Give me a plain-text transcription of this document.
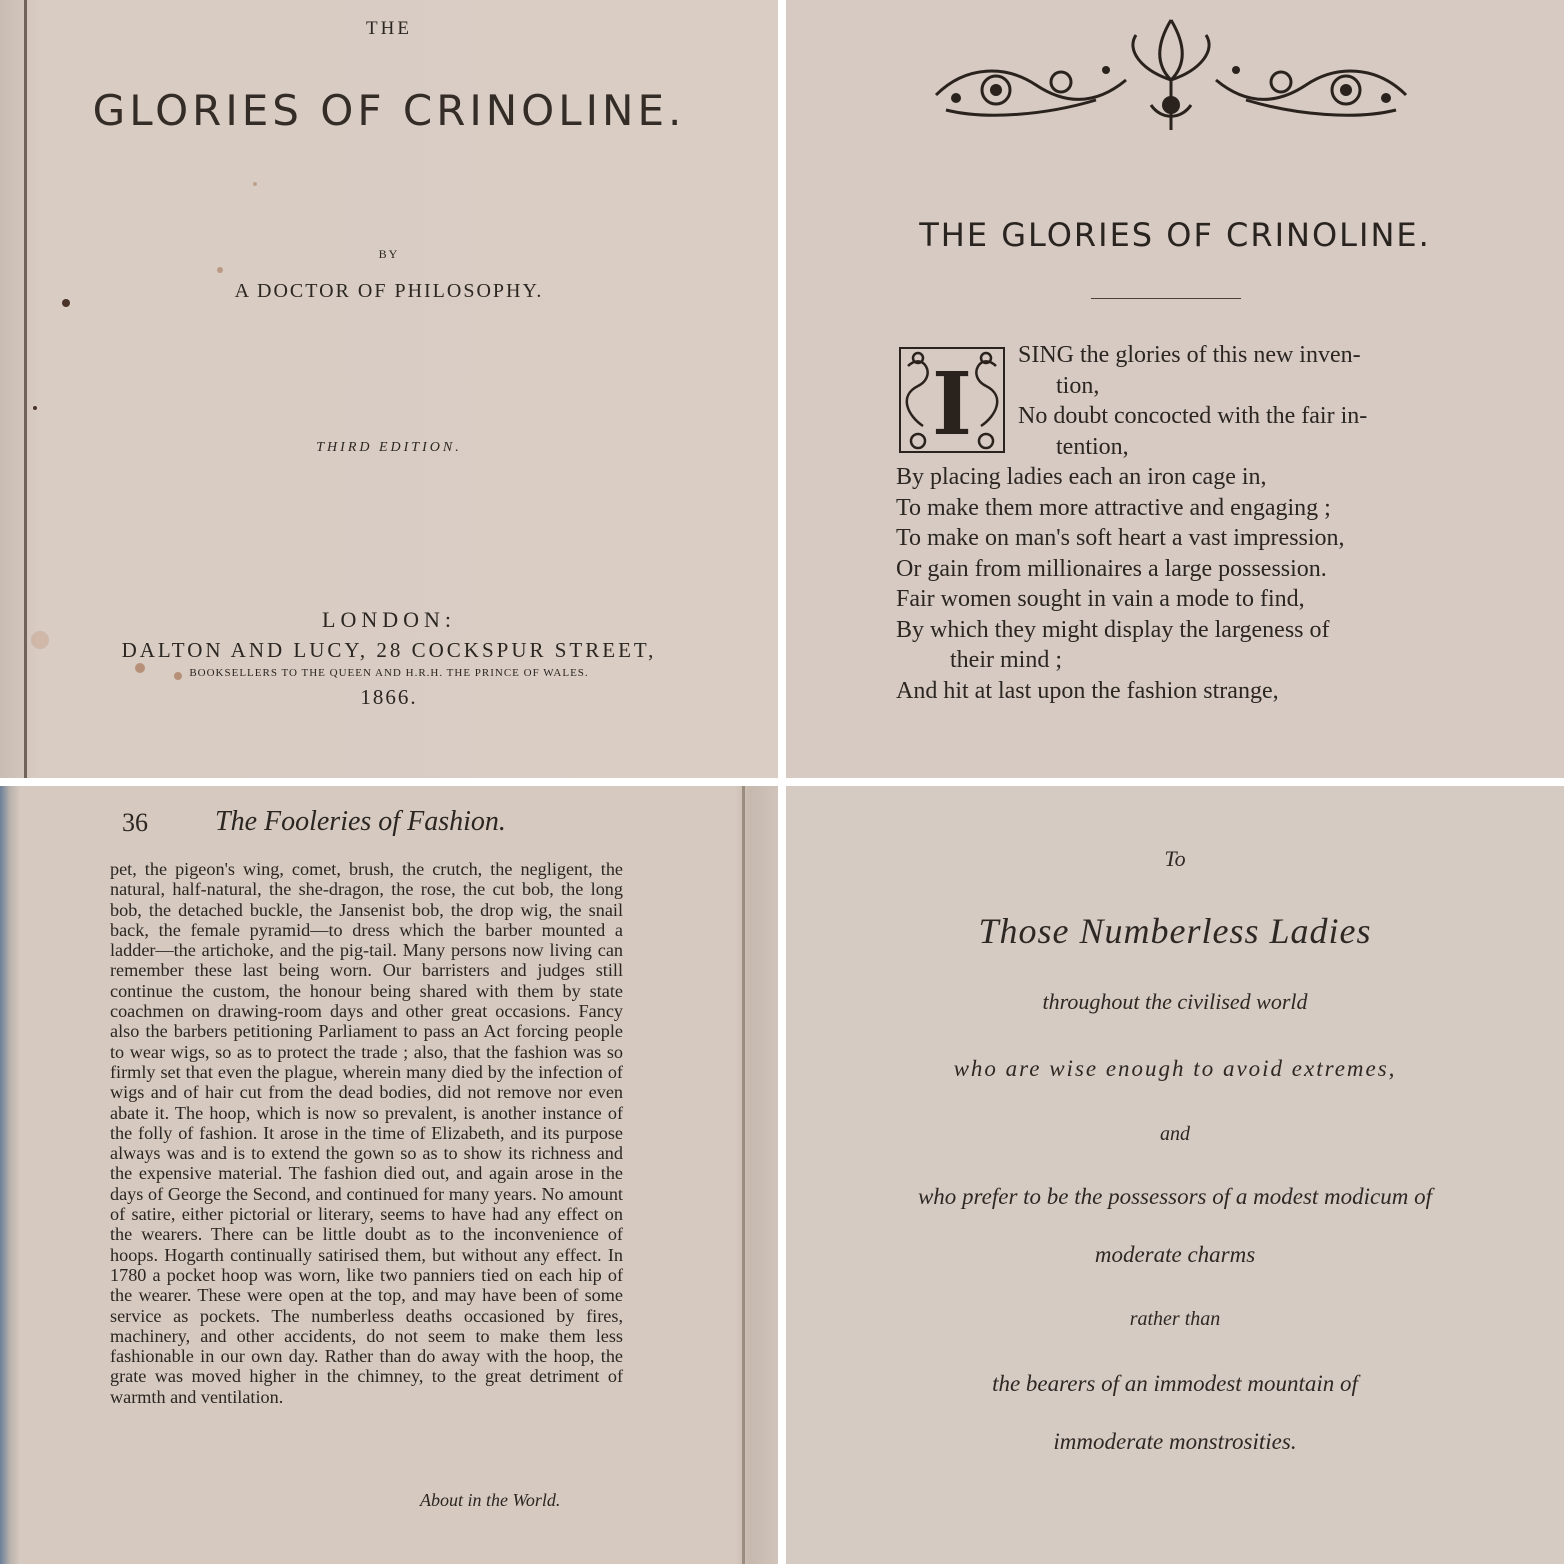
THE
GLORIES OF CRINOLINE.
BY
A DOCTOR OF PHILOSOPHY.
THIRD EDITION.
LONDON:
DALTON AND LUCY, 28 COCKSPUR STREET,
BOOKSELLERS TO THE QUEEN AND H.R.H. THE PRINCE OF WALES.
1866.
THE GLORIES OF CRINOLINE.
I	SING the glories of this new inven-
tion,
No doubt concocted with the fair in-
tention,
By placing ladies each an iron cage in,
To make them more attractive and engaging ;
To make on man's soft heart a vast impression,
Or gain from millionaires a large possession.
Fair women sought in vain a mode to find,
By which they might display the largeness of
their mind ;
And hit at last upon the fashion strange,
36 The Fooleries of Fashion.
pet, the pigeon's wing, comet, brush, the crutch, the negligent, the natural, half-natural, the she-dragon, the rose, the cut bob, the long bob, the detached buckle, the Jansenist bob, the drop wig, the snail back, the female pyramid—to dress which the barber mounted a ladder—the artichoke, and the pig-tail. Many persons now living can remember these last being worn. Our barristers and judges still continue the custom, the honour being shared with them by state coachmen on drawing-room days and other great occasions. Fancy also the barbers petitioning Parliament to pass an Act forcing people to wear wigs, so as to protect the trade ; also, that the fashion was so firmly set that even the plague, wherein many died by the infection of wigs and of hair cut from the dead bodies, did not remove nor even abate it. The hoop, which is now so prevalent, is another instance of the folly of fashion. It arose in the time of Elizabeth, and its purpose always was and is to extend the gown so as to show its richness and the expensive material. The fashion died out, and again arose in the days of George the Second, and continued for many years. No amount of satire, either pictorial or literary, seems to have had any effect on the wearers. There can be little doubt as to the inconvenience of hoops. Hogarth continually satirised them, but without any effect. In 1780 a pocket hoop was worn, like two panniers tied on each hip of the wearer. These were open at the top, and may have been of some service as pockets. The numberless deaths occasioned by fires, machinery, and other accidents, do not seem to make them less fashionable in our own day. Rather than do away with the hoop, the grate was moved higher in the chimney, to the great detriment of warmth and ventilation.
About in the World.
To
Those Numberless Ladies
throughout the civilised world
who are wise enough to avoid extremes,
and
who prefer to be the possessors of a modest modicum of
moderate charms
rather than
the bearers of an immodest mountain of
immoderate monstrosities.
